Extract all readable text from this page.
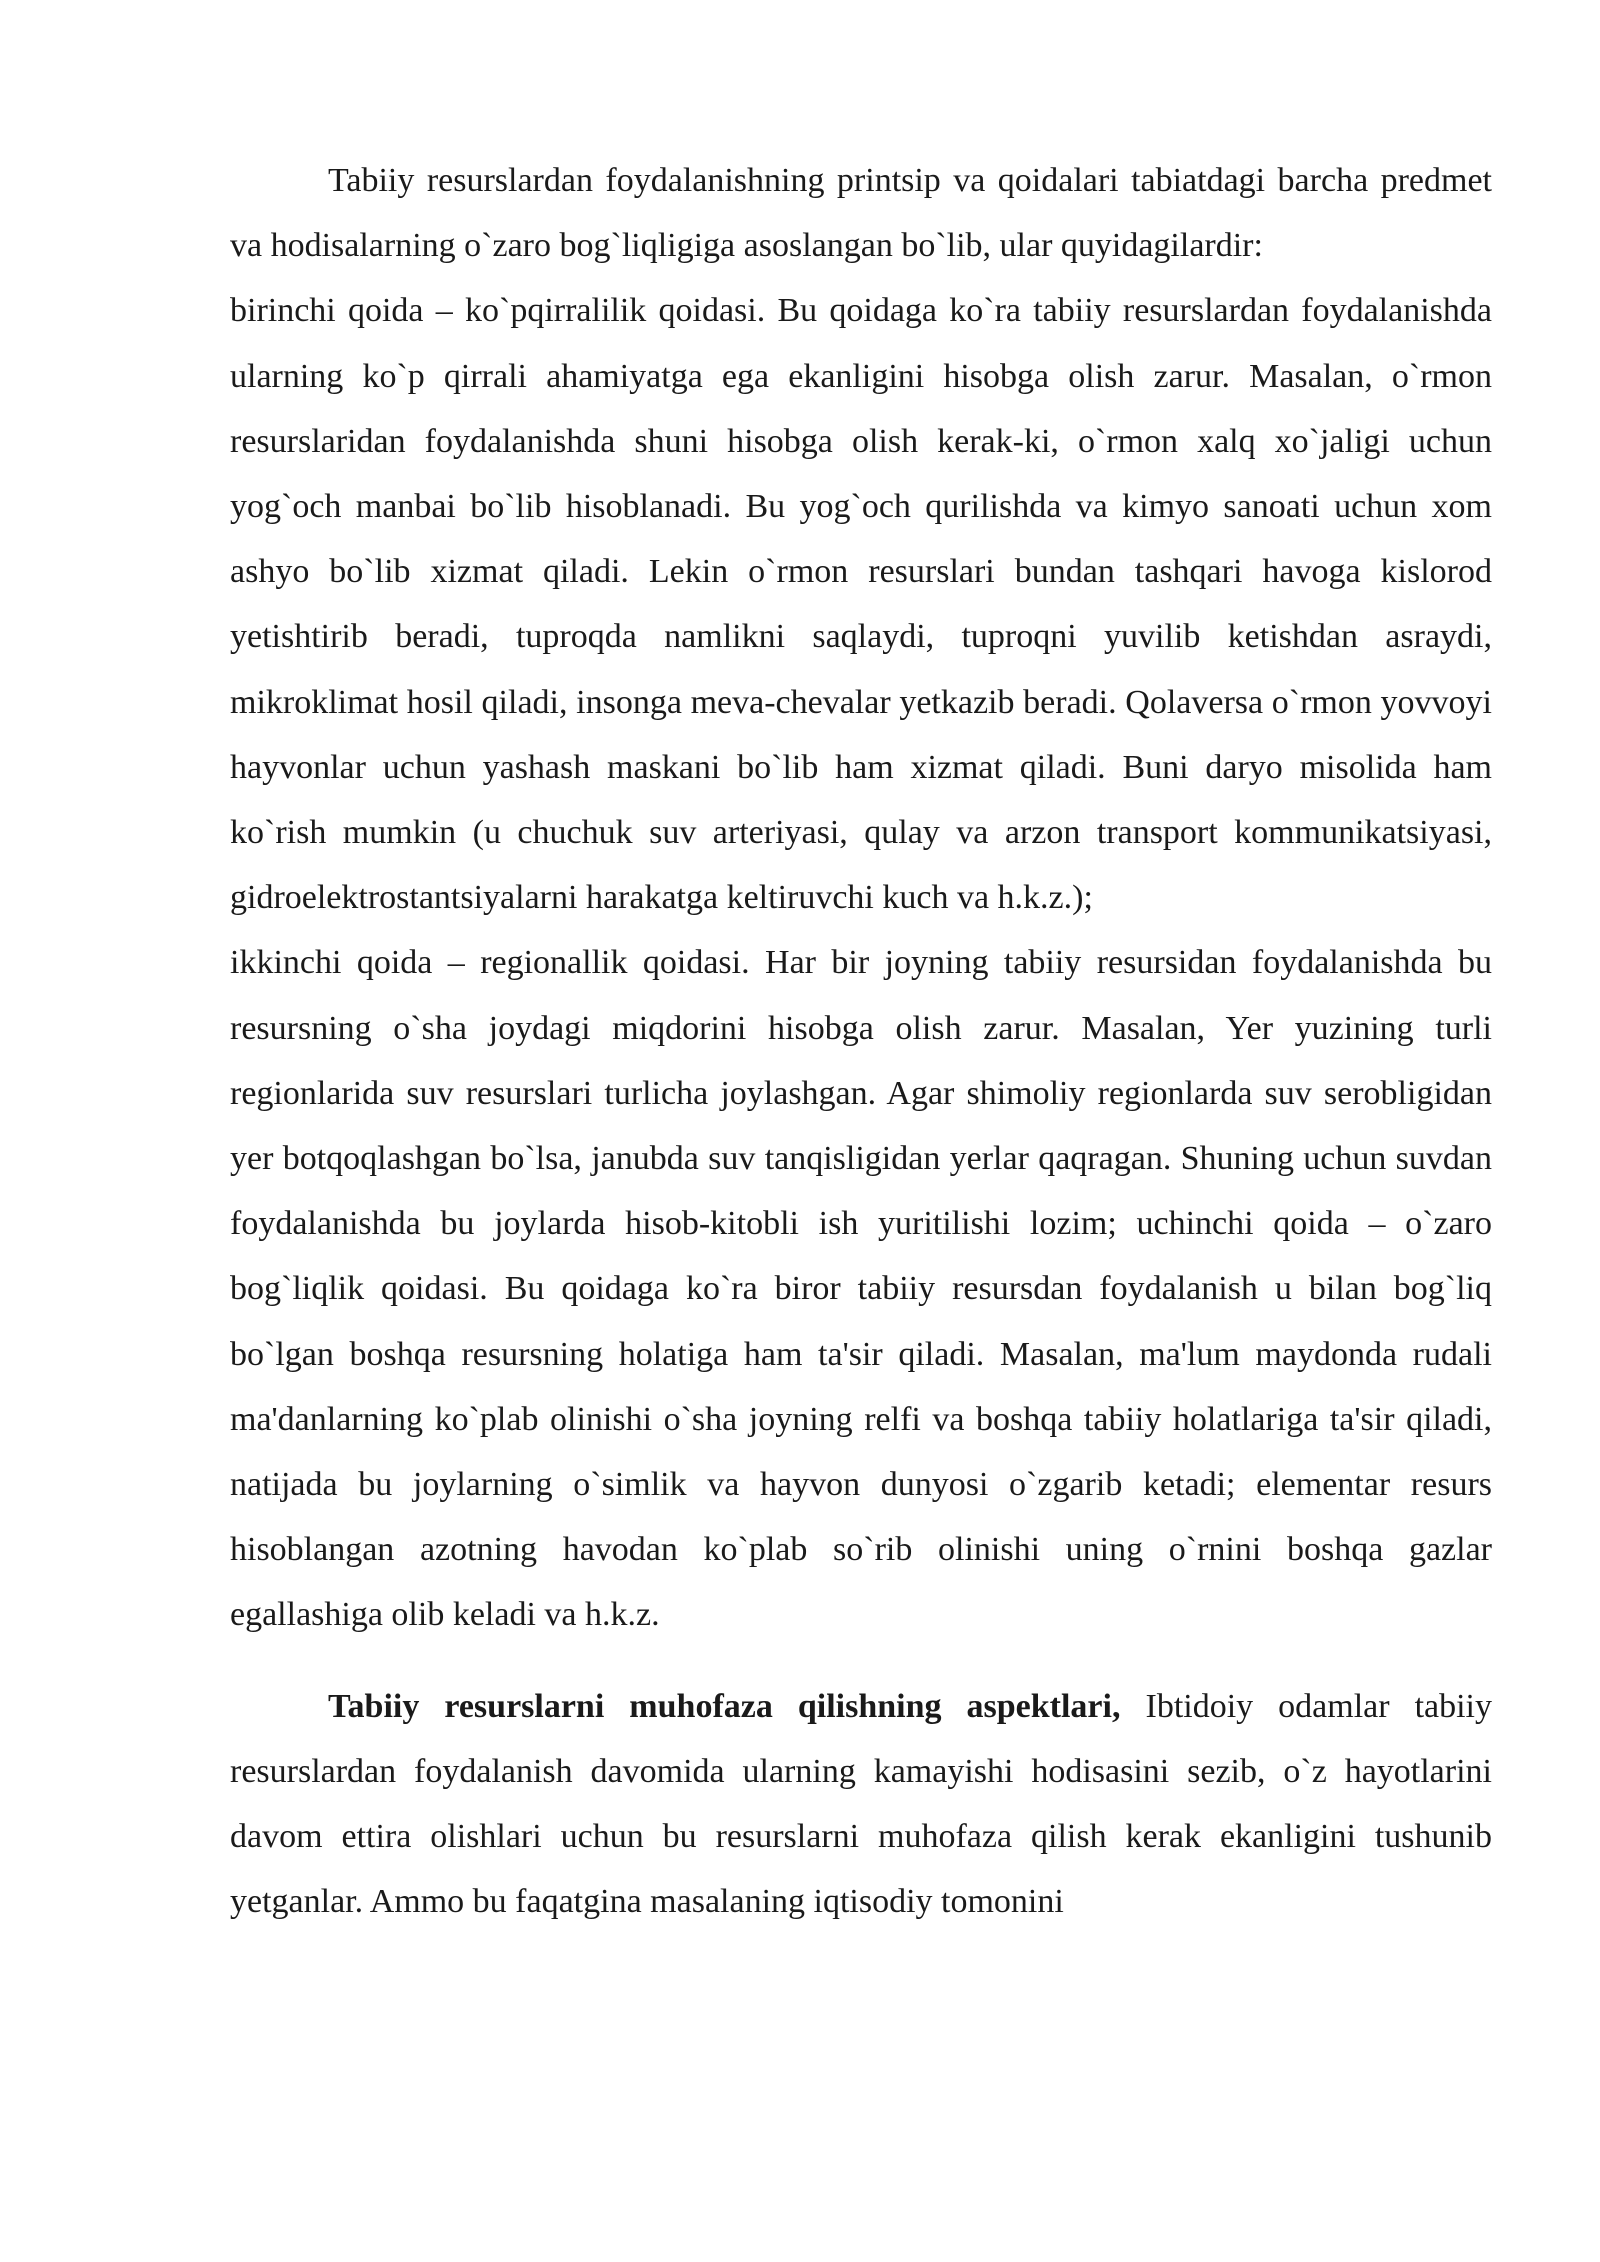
Tabiiy resurslardan foydalanishning printsip va qoidalari tabiatdagi barcha predmet va hodisalarning o`zaro bog`liqligiga asoslangan bo`lib, ular quyidagilardir:

birinchi qoida – ko`pqirralilik qoidasi. Bu qoidaga ko`ra tabiiy resurslardan foydalanishda ularning ko`p qirrali ahamiyatga ega ekanligini hisobga olish zarur. Masalan, o`rmon resurslaridan foydalanishda shuni hisobga olish kerak-ki, o`rmon xalq xo`jaligi uchun yog`och manbai bo`lib hisoblanadi. Bu yog`och qurilishda va kimyo sanoati uchun xom ashyo bo`lib xizmat qiladi. Lekin o`rmon resurslari bundan tashqari havoga kislorod yetishtirib beradi, tuproqda namlikni saqlaydi, tuproqni yuvilib ketishdan asraydi, mikroklimat hosil qiladi, insonga meva-chevalar yetkazib beradi. Qolaversa o`rmon yovvoyi hayvonlar uchun yashash maskani bo`lib ham xizmat qiladi. Buni daryo misolida ham ko`rish mumkin (u chuchuk suv arteriyasi, qulay va arzon transport kommunikatsiyasi, gidroelektrostantsiyalarni harakatga keltiruvchi kuch va h.k.z.);

ikkinchi qoida – regionallik qoidasi. Har bir joyning tabiiy resursidan foydalanishda bu resursning o`sha joydagi miqdorini hisobga olish zarur. Masalan, Yer yuzining turli regionlarida suv resurslari turlicha joylashgan. Agar shimoliy regionlarda suv serobligidan yer botqoqlashgan bo`lsa, janubda suv tanqisligidan yerlar qaqragan. Shuning uchun suvdan foydalanishda bu joylarda hisob-kitobli ish yuritilishi lozim; uchinchi qoida – o`zaro bog`liqlik qoidasi. Bu qoidaga ko`ra biror tabiiy resursdan foydalanish u bilan bog`liq bo`lgan boshqa resursning holatiga ham ta'sir qiladi. Masalan, ma'lum maydonda rudali ma'danlarning ko`plab olinishi o`sha joyning relfi va boshqa tabiiy holatlariga ta'sir qiladi, natijada bu joylarning o`simlik va hayvon dunyosi o`zgarib ketadi; elementar resurs hisoblangan azotning havodan ko`plab so`rib olinishi uning o`rnini boshqa gazlar egallashiga olib keladi va h.k.z.

Tabiiy resurslarni muhofaza qilishning aspektlari, Ibtidoiy odamlar tabiiy resurslardan foydalanish davomida ularning kamayishi hodisasini sezib, o`z hayotlarini davom ettira olishlari uchun bu resurslarni muhofaza qilish kerak ekanligini tushunib yetganlar. Ammo bu faqatgina masalaning iqtisodiy tomonini
